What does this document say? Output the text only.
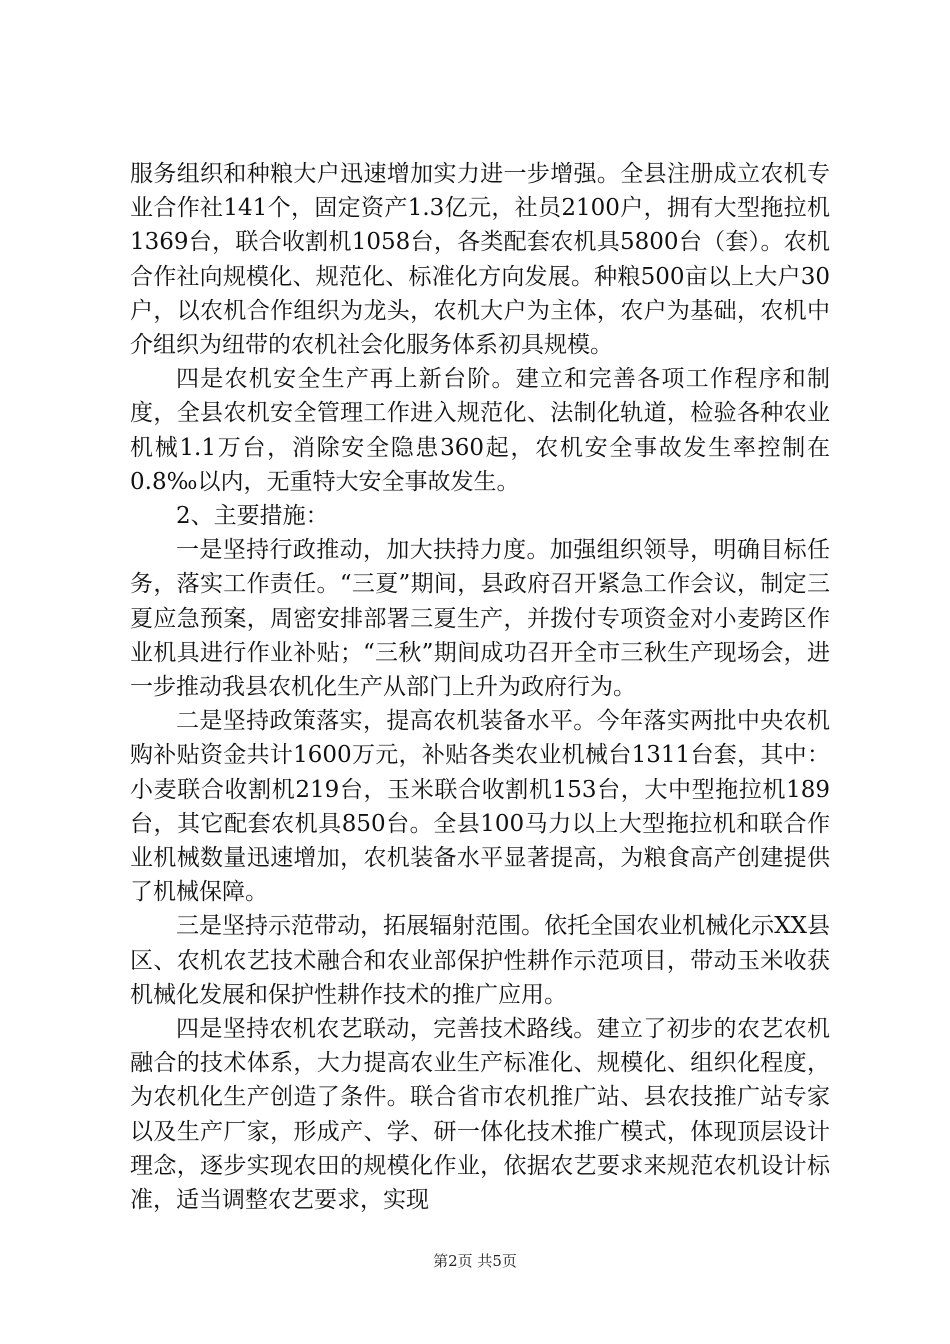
服务组织和种粮大户迅速增加实力进一步增强。全县注册成立农机专业合作社141个，固定资产1.3亿元，社员2100户，拥有大型拖拉机1369台，联合收割机1058台，各类配套农机具5800台（套）。农机合作社向规模化、规范化、标准化方向发展。种粮500亩以上大户30户，以农机合作组织为龙头，农机大户为主体，农户为基础，农机中介组织为纽带的农机社会化服务体系初具规模。

四是农机安全生产再上新台阶。建立和完善各项工作程序和制度，全县农机安全管理工作进入规范化、法制化轨道，检验各种农业机械1.1万台，消除安全隐患360起，农机安全事故发生率控制在0.8‰以内，无重特大安全事故发生。

2、主要措施：

一是坚持行政推动，加大扶持力度。加强组织领导，明确目标任务，落实工作责任。“三夏”期间，县政府召开紧急工作会议，制定三夏应急预案，周密安排部署三夏生产，并拨付专项资金对小麦跨区作业机具进行作业补贴；“三秋”期间成功召开全市三秋生产现场会，进一步推动我县农机化生产从部门上升为政府行为。

二是坚持政策落实，提高农机装备水平。今年落实两批中央农机购补贴资金共计1600万元，补贴各类农业机械台1311台套，其中：小麦联合收割机219台，玉米联合收割机153台，大中型拖拉机189台，其它配套农机具850台。全县100马力以上大型拖拉机和联合作业机械数量迅速增加，农机装备水平显著提高，为粮食高产创建提供了机械保障。

三是坚持示范带动，拓展辐射范围。依托全国农业机械化示XX县区、农机农艺技术融合和农业部保护性耕作示范项目，带动玉米收获机械化发展和保护性耕作技术的推广应用。

四是坚持农机农艺联动，完善技术路线。建立了初步的农艺农机融合的技术体系，大力提高农业生产标准化、规模化、组织化程度，为农机化生产创造了条件。联合省市农机推广站、县农技推广站专家以及生产厂家，形成产、学、研一体化技术推广模式，体现顶层设计理念，逐步实现农田的规模化作业，依据农艺要求来规范农机设计标准，适当调整农艺要求，实现

第2页 共5页
